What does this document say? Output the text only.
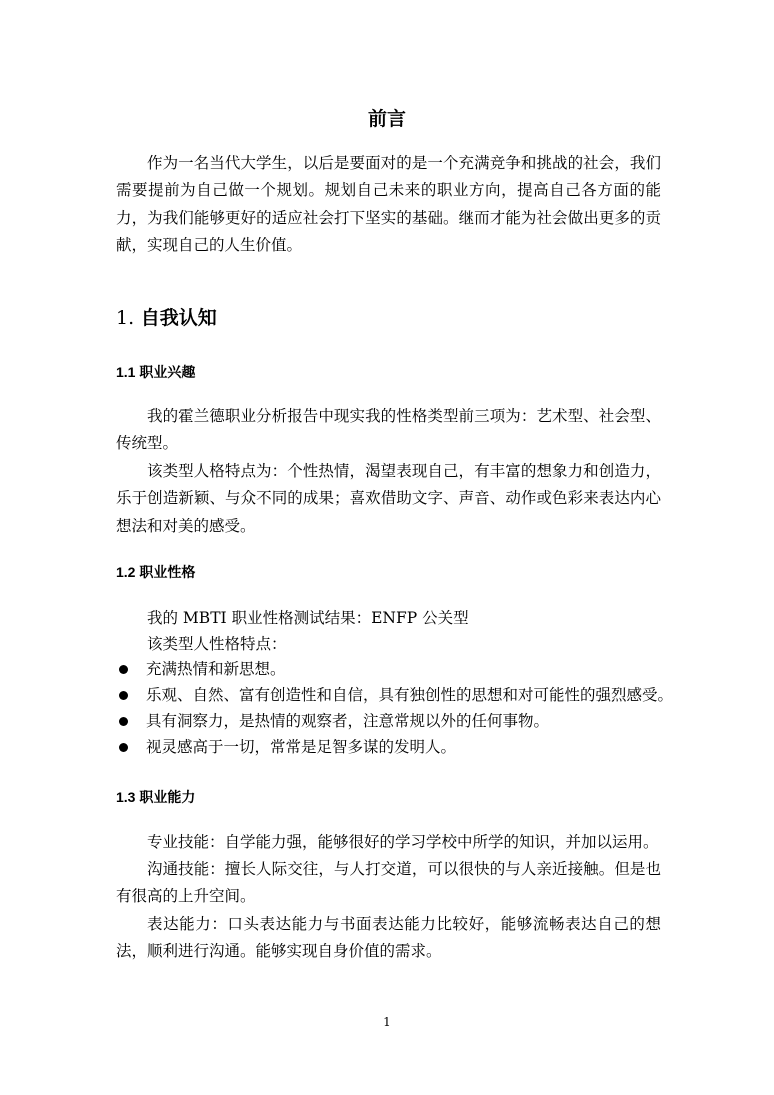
前言

作为一名当代大学生，以后是要面对的是一个充满竞争和挑战的社会，我们需要提前为自己做一个规划。规划自己未来的职业方向，提高自己各方面的能力，为我们能够更好的适应社会打下坚实的基础。继而才能为社会做出更多的贡献，实现自己的人生价值。

1. 自我认知
1.1 职业兴趣

我的霍兰德职业分析报告中现实我的性格类型前三项为：艺术型、社会型、传统型。

该类型人格特点为：个性热情，渴望表现自己，有丰富的想象力和创造力，乐于创造新颖、与众不同的成果；喜欢借助文字、声音、动作或色彩来表达内心想法和对美的感受。

1.2 职业性格

我的 MBTI 职业性格测试结果：ENFP 公关型

该类型人性格特点：

充满热情和新思想。
乐观、自然、富有创造性和自信，具有独创性的思想和对可能性的强烈感受。
具有洞察力，是热情的观察者，注意常规以外的任何事物。
视灵感高于一切，常常是足智多谋的发明人。
1.3 职业能力

专业技能：自学能力强，能够很好的学习学校中所学的知识，并加以运用。

沟通技能：擅长人际交往，与人打交道，可以很快的与人亲近接触。但是也有很高的上升空间。

表达能力：口头表达能力与书面表达能力比较好，能够流畅表达自己的想法，顺利进行沟通。能够实现自身价值的需求。

1
